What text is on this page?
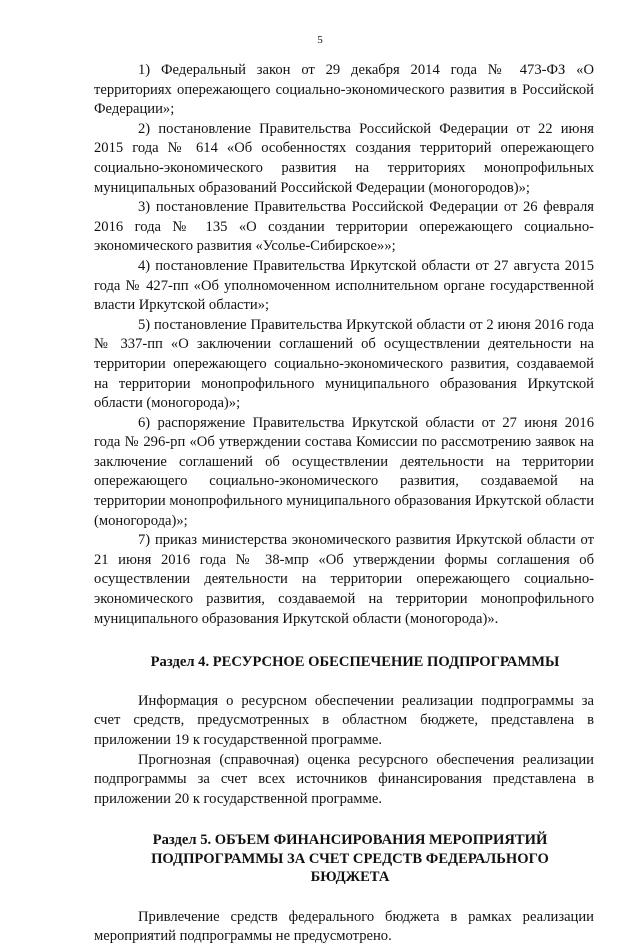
5

1) Федеральный закон от 29 декабря 2014 года № 473-ФЗ «О территориях опережающего социально-экономического развития в Российской Федерации»;

2) постановление Правительства Российской Федерации от 22 июня 2015 года № 614 «Об особенностях создания территорий опережающего социально-экономического развития на территориях монопрофильных муниципальных образований Российской Федерации (моногородов)»;

3) постановление Правительства Российской Федерации от 26 февраля 2016 года № 135 «О создании территории опережающего социально-экономического развития «Усолье-Сибирское»»;

4) постановление Правительства Иркутской области от 27 августа 2015 года № 427-пп «Об уполномоченном исполнительном органе государственной власти Иркутской области»;

5) постановление Правительства Иркутской области от 2 июня 2016 года № 337-пп «О заключении соглашений об осуществлении деятельности на территории опережающего социально-экономического развития, создаваемой на территории монопрофильного муниципального образования Иркутской области (моногорода)»;

6) распоряжение Правительства Иркутской области от 27 июня 2016 года № 296-рп «Об утверждении состава Комиссии по рассмотрению заявок на заключение соглашений об осуществлении деятельности на территории опережающего социально-экономического развития, создаваемой на территории монопрофильного муниципального образования Иркутской области (моногорода)»;

7) приказ министерства экономического развития Иркутской области от 21 июня 2016 года № 38-мпр «Об утверждении формы соглашения об осуществлении деятельности на территории опережающего социально-экономического развития, создаваемой на территории монопрофильного муниципального образования Иркутской области (моногорода)».

Раздел 4. РЕСУРСНОЕ ОБЕСПЕЧЕНИЕ ПОДПРОГРАММЫ

Информация о ресурсном обеспечении реализации подпрограммы за счет средств, предусмотренных в областном бюджете, представлена в приложении 19 к государственной программе.

Прогнозная (справочная) оценка ресурсного обеспечения реализации подпрограммы за счет всех источников финансирования представлена в приложении 20 к государственной программе.

Раздел 5. ОБЪЕМ ФИНАНСИРОВАНИЯ МЕРОПРИЯТИЙ
ПОДПРОГРАММЫ ЗА СЧЕТ СРЕДСТВ ФЕДЕРАЛЬНОГО
БЮДЖЕТА

Привлечение средств федерального бюджета в рамках реализации мероприятий подпрограммы не предусмотрено.
